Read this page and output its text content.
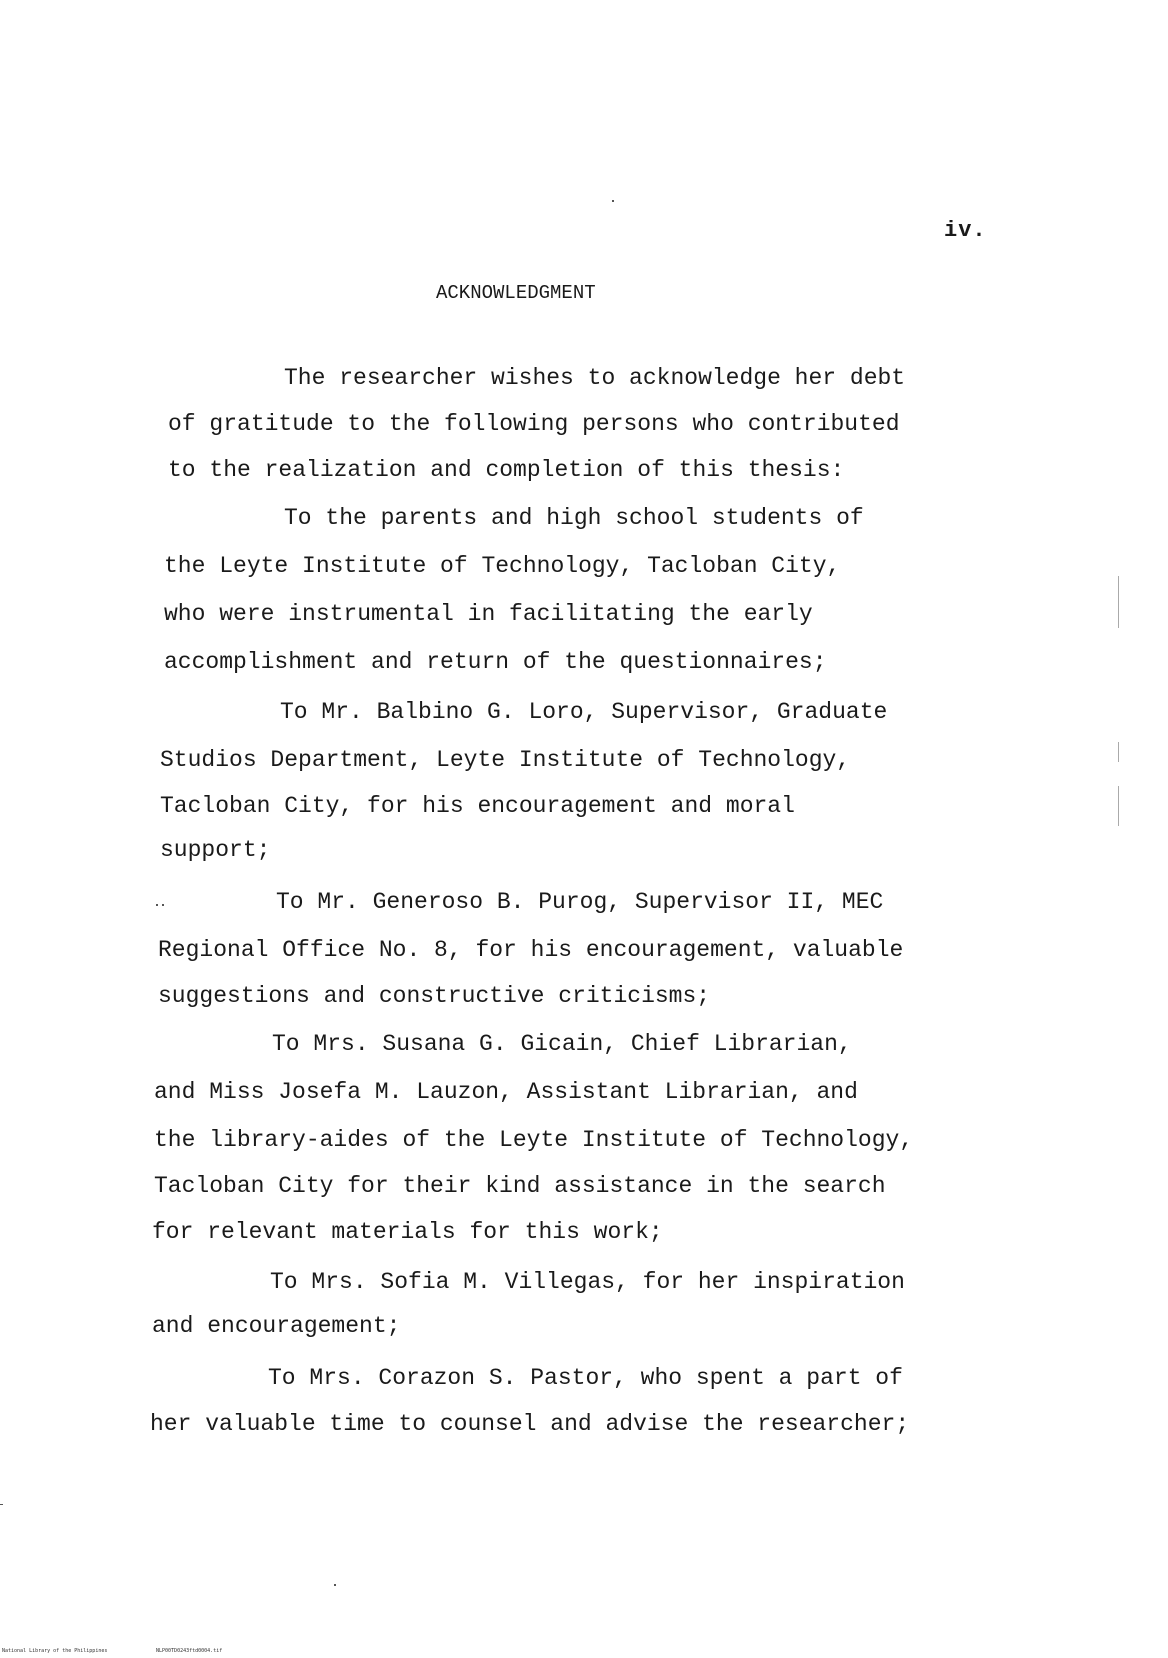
iv.
ACKNOWLEDGMENT
The researcher wishes to acknowledge her debt
of gratitude to the following persons who contributed
to the realization and completion of this thesis:
To the parents and high school students of
the Leyte Institute of Technology, Tacloban City,
who were instrumental in facilitating the early
accomplishment and return of the questionnaires;
To Mr. Balbino G. Loro, Supervisor, Graduate
Studios Department, Leyte Institute of Technology,
Tacloban City, for his encouragement and moral
support;
To Mr. Generoso B. Purog, Supervisor II, MEC
Regional Office No. 8, for his encouragement, valuable
suggestions and constructive criticisms;
To Mrs. Susana G. Gicain, Chief Librarian,
and Miss Josefa M. Lauzon, Assistant Librarian, and
the library-aides of the Leyte Institute of Technology,
Tacloban City for their kind assistance in the search
for relevant materials for this work;
To Mrs. Sofia M. Villegas, for her inspiration
and encouragement;
To Mrs. Corazon S. Pastor, who spent a part of
her valuable time to counsel and advise the researcher;
National Library of the Philippines	NLP00TD0243ftd0004.tif
